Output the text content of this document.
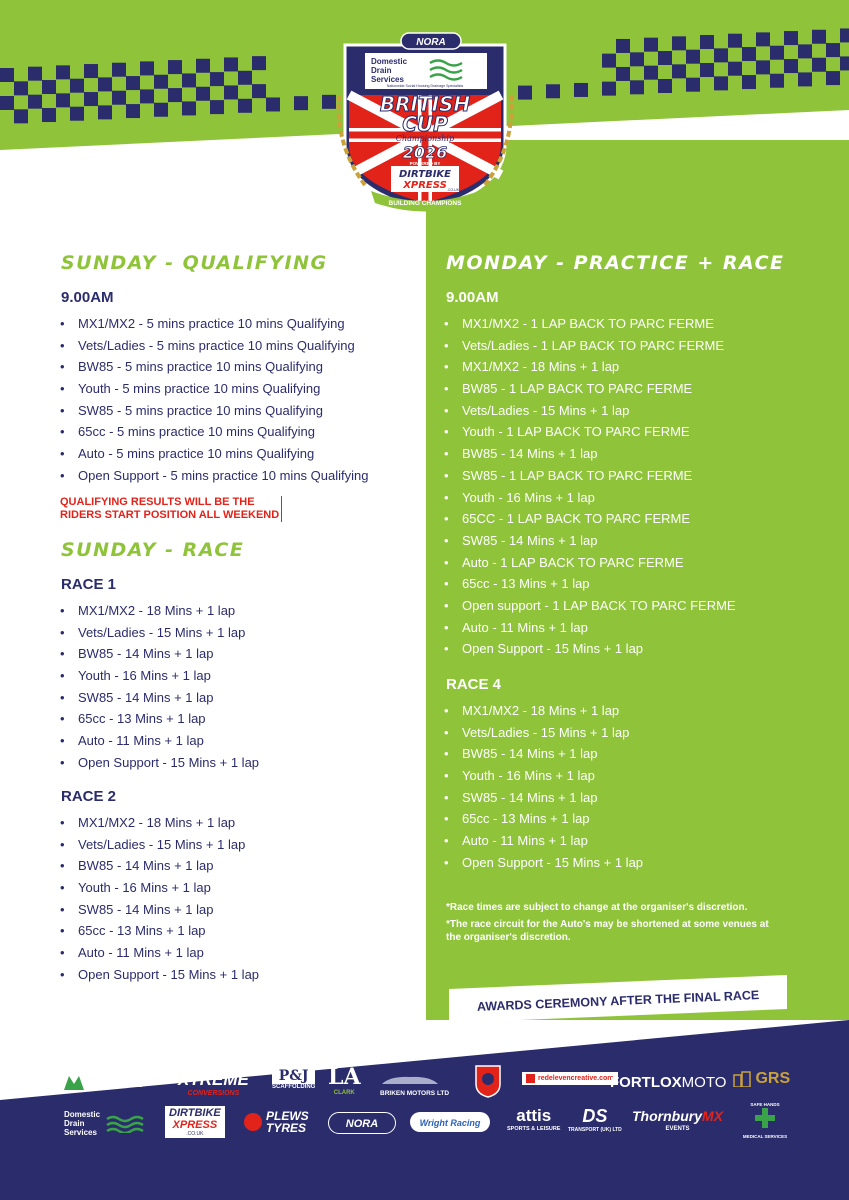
NORA
Domestic
Drain
Services
Nationwide Social Housing Drainage Specialists
BRITISH
CUP
Championship
2026
POWERED BY
DIRTBIKE
XPRESS .CO.UK
BUILDING CHAMPIONS
SUNDAY - QUALIFYING
9.00AM
• MX1/MX2 - 5 mins practice 10 mins Qualifying
• Vets/Ladies - 5 mins practice 10 mins Qualifying
• BW85 - 5 mins practice 10 mins Qualifying
• Youth - 5 mins practice 10 mins Qualifying
• SW85 - 5 mins practice 10 mins Qualifying
• 65cc - 5 mins practice 10 mins Qualifying
• Auto - 5 mins practice 10 mins Qualifying
• Open Support - 5 mins practice 10 mins Qualifying
QUALIFYING RESULTS WILL BE THE
RIDERS START POSITION ALL WEEKEND
SUNDAY - RACE
RACE 1
• MX1/MX2 - 18 Mins + 1 lap
• Vets/Ladies - 15 Mins + 1 lap
• BW85 - 14 Mins + 1 lap
• Youth - 16 Mins + 1 lap
• SW85 - 14 Mins + 1 lap
• 65cc - 13 Mins + 1 lap
• Auto - 11 Mins + 1 lap
• Open Support - 15 Mins + 1 lap
RACE 2
• MX1/MX2 - 18 Mins + 1 lap
• Vets/Ladies - 15 Mins + 1 lap
• BW85 - 14 Mins + 1 lap
• Youth - 16 Mins + 1 lap
• SW85 - 14 Mins + 1 lap
• 65cc - 13 Mins + 1 lap
• Auto - 11 Mins + 1 lap
• Open Support - 15 Mins + 1 lap
MONDAY - PRACTICE + RACE
9.00AM
• MX1/MX2 - 1 LAP BACK TO PARC FERME
• Vets/Ladies - 1 LAP BACK TO PARC FERME
• MX1/MX2 - 18 Mins + 1 lap
• BW85 - 1 LAP BACK TO PARC FERME
• Vets/Ladies - 15 Mins + 1 lap
• Youth - 1 LAP BACK TO PARC FERME
• BW85 - 14 Mins + 1 lap
• SW85 - 1 LAP BACK TO PARC FERME
• Youth - 16 Mins + 1 lap
• 65CC - 1 LAP BACK TO PARC FERME
• SW85 - 14 Mins + 1 lap
• Auto - 1 LAP BACK TO PARC FERME
• 65cc - 13 Mins + 1 lap
• Open support - 1 LAP BACK TO PARC FERME
• Auto - 11 Mins + 1 lap
• Open Support - 15 Mins + 1 lap
RACE 4
• MX1/MX2 - 18 Mins + 1 lap
• Vets/Ladies - 15 Mins + 1 lap
• BW85 - 14 Mins + 1 lap
• Youth - 16 Mins + 1 lap
• SW85 - 14 Mins + 1 lap
• 65cc - 13 Mins + 1 lap
• Auto - 11 Mins + 1 lap
• Open Support - 15 Mins + 1 lap
*Race times are subject to change at the organiser's discretion.
*The race circuit for the Auto's may be shortened at some venues at the organiser's discretion.
AWARDS CEREMONY AFTER THE FINAL RACE
MERLO XTREME
CONVERSIONS
P&J
SCAFFOLDING LA
CLARK	BRIKEN MOTORS LTD
redelevencreative.com
FORTLOXMOTO	GRS
Domestic
Drain
Services
DIRTBIKE
XPRESS
.CO.UK
PLEWS
TYRES	NORA	Wright Racing	attis
SPORTS & LEISURE
DS
TRANSPORT (UK) LTD
ThornburyMX
EVENTS
SAFE HANDS
MEDICAL SERVICES
